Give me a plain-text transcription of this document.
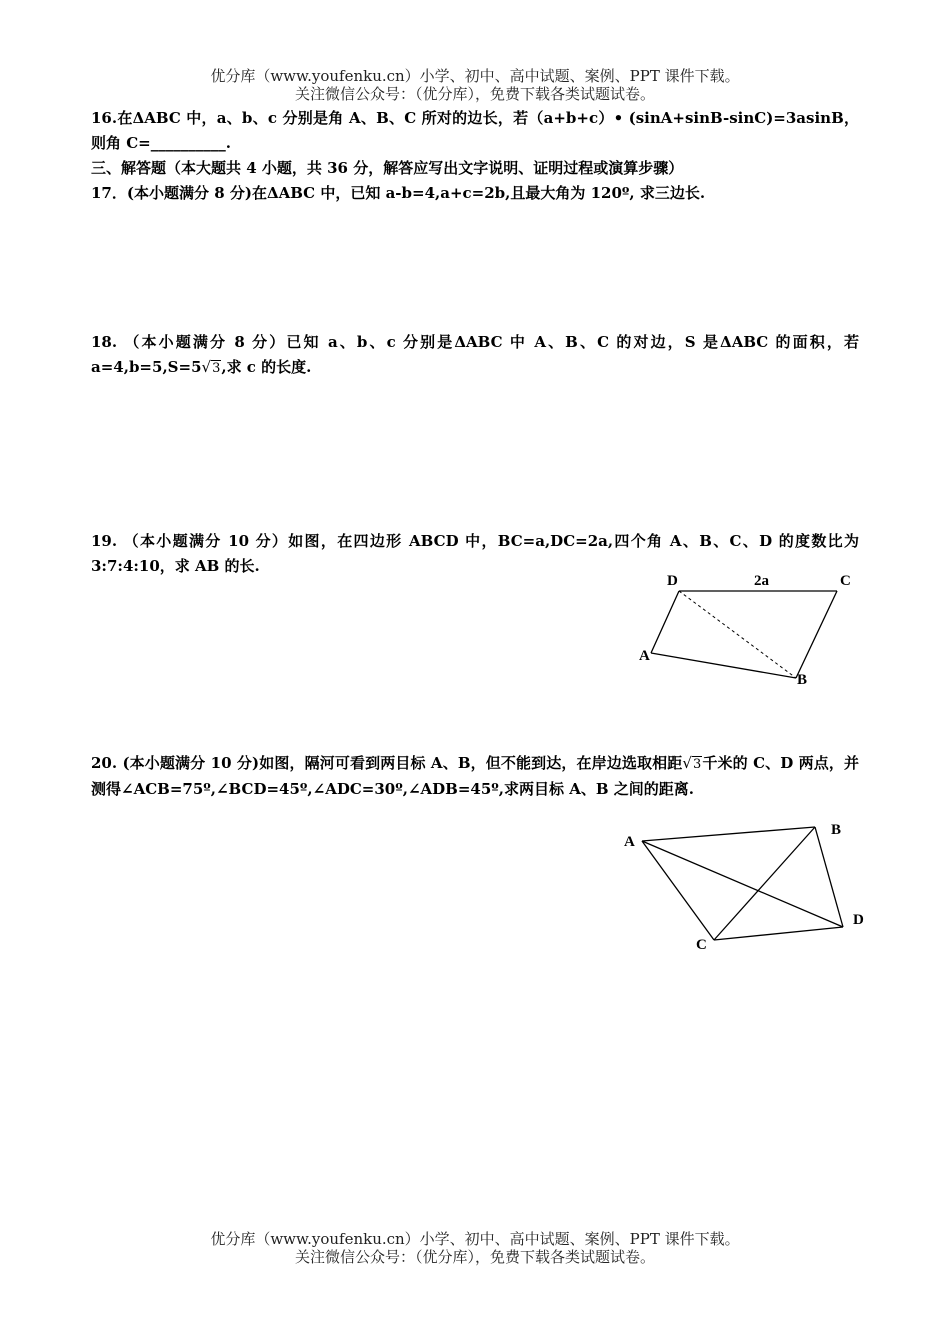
优分库（www.youfenku.cn）小学、初中、高中试题、案例、PPT 课件下载。
关注微信公众号：（优分库），免费下载各类试题试卷。

16.在ΔABC 中，a、b、c 分别是角 A、B、C 所对的边长，若（a+b+c）• (sinA+sinB-sinC)=3asinB，则角 C=__________.

三、解答题（本大题共 4 小题，共 36 分，解答应写出文字说明、证明过程或演算步骤）

17．(本小题满分 8 分)在ΔABC 中，已知 a-b=4,a+c=2b,且最大角为 120º, 求三边长.

18. （本小题满分 8 分）已知 a、b、c 分别是ΔABC 中 A、B、C 的对边，S 是ΔABC 的面积，若 a=4,b=5,S=5√3,求 c 的长度.

19. （本小题满分 10 分）如图，在四边形 ABCD 中，BC=a,DC=2a,四个角 A、B、C、D 的度数比为 3:7:4:10，求 AB 的长.

D	2a	C
A
B

20. (本小题满分 10 分)如图，隔河可看到两目标 A、B，但不能到达，在岸边选取相距√3千米的 C、D 两点，并测得∠ACB=75º,∠BCD=45º,∠ADC=30º,∠ADB=45º,求两目标 A、B 之间的距离.

A
B
D
C
优分库（www.youfenku.cn）小学、初中、高中试题、案例、PPT 课件下载。
关注微信公众号：（优分库），免费下载各类试题试卷。
